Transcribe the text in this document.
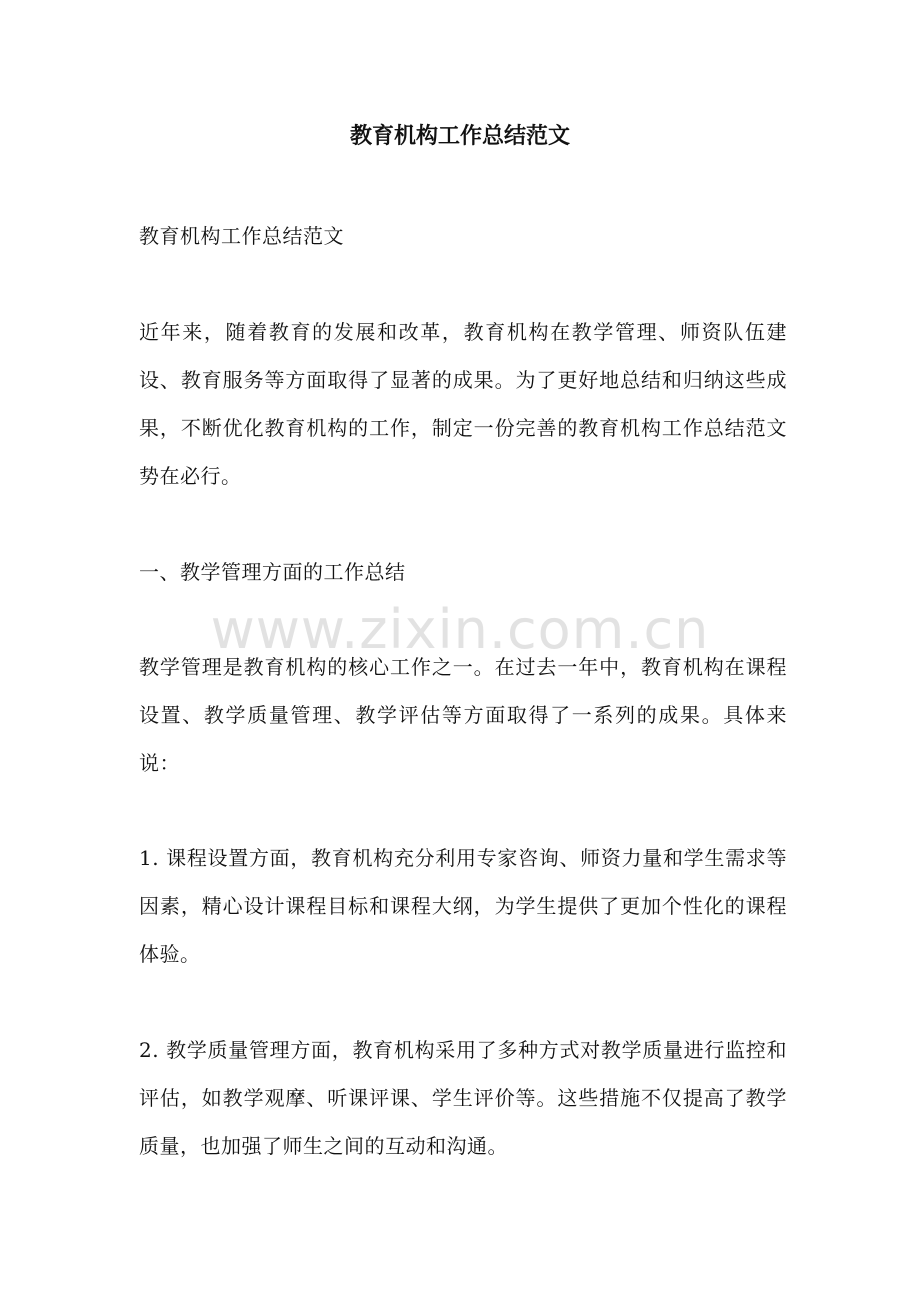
教育机构工作总结范文

教育机构工作总结范文

近年来，随着教育的发展和改革，教育机构在教学管理、师资队伍建设、教育服务等方面取得了显著的成果。为了更好地总结和归纳这些成果，不断优化教育机构的工作，制定一份完善的教育机构工作总结范文势在必行。

一、教学管理方面的工作总结

www.zixin.com.cn

教学管理是教育机构的核心工作之一。在过去一年中，教育机构在课程设置、教学质量管理、教学评估等方面取得了一系列的成果。具体来说：

1. 课程设置方面，教育机构充分利用专家咨询、师资力量和学生需求等因素，精心设计课程目标和课程大纲，为学生提供了更加个性化的课程体验。

2. 教学质量管理方面，教育机构采用了多种方式对教学质量进行监控和评估，如教学观摩、听课评课、学生评价等。这些措施不仅提高了教学质量，也加强了师生之间的互动和沟通。
